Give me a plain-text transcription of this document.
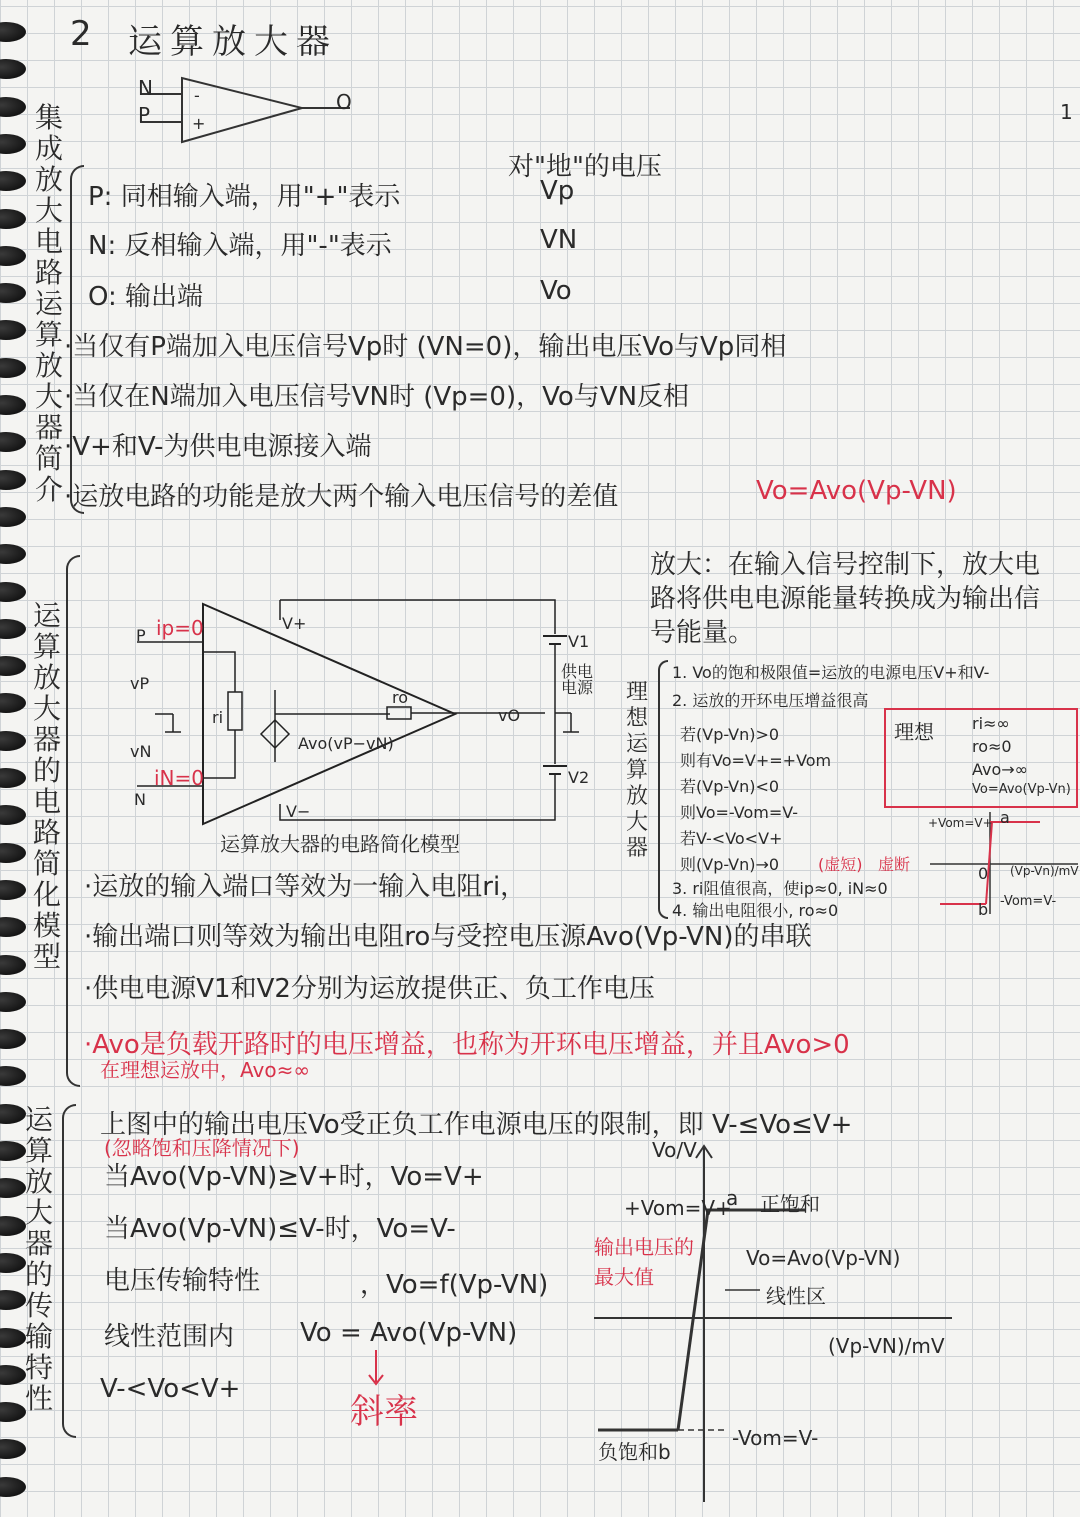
2 运算放大器
1
N
P
O
-
+
集成放大电路运算放大器简介
对"地"的电压
P: 同相输入端，用"+"表示	Vp
N: 反相输入端，用"-"表示	VN
O: 输出端	Vo
·当仅有P端加入电压信号Vp时 (VN=0)，输出电压Vo与Vp同相
·当仅在N端加入电压信号VN时 (Vp=0)，Vo与VN反相
·V+和V-为供电电源接入端
·运放电路的功能是放大两个输入电压信号的差值	Vo=Avo(Vp-VN)
运算放大器的电路简化模型
P
N
vP
vN
ip=0
iN=0
ri
ro
Avo(vP−vN)
V+
V−
V1
V2
供电电源
vO
运算放大器的电路简化模型
放大：在输入信号控制下，放大电路将供电电源能量转换成为输出信号能量。
理想运算放大器
1. Vo的饱和极限值=运放的电源电压V+和V-
2. 运放的开环电压增益很高
若(Vp-Vn)>0
则有Vo=V+=+Vom
若(Vp-Vn)<0
则Vo=-Vom=V-
若V-<Vo<V+
则(Vp-Vn)→0 (虚短) 虚断
3. ri阻值很高，使ip≈0, iN≈0
4. 输出电阻很小, ro≈0
理想 ri≈∞
ro≈0
Avo→∞
Vo=Avo(Vp-Vn)
+Vom=V+ a
0 (Vp-Vn)/mV
b -Vom=V-
·运放的输入端口等效为一输入电阻ri，
·输出端口则等效为输出电阻ro与受控电压源Avo(Vp-VN)的串联
·供电电源V1和V2分别为运放提供正、负工作电压
·Avo是负载开路时的电压增益，也称为开环电压增益，并且Avo>0
在理想运放中，Avo≈∞
运算放大器的传输特性
上图中的输出电压Vo受正负工作电源电压的限制，即 V-≤Vo≤V+
(忽略饱和压降情况下)
当Avo(Vp-VN)≥V+时，Vo=V+
当Avo(Vp-VN)≤V-时，Vo=V-
电压传输特性	，Vo=f(Vp-VN)
线性范围内	Vo = Avo(Vp-VN)
V-<Vo<V+
斜率
Vo/V
+Vom=V+
a 正饱和
输出电压的最大值
Vo=Avo(Vp-VN)
线性区
(Vp-VN)/mV
负饱和b
-Vom=V-
